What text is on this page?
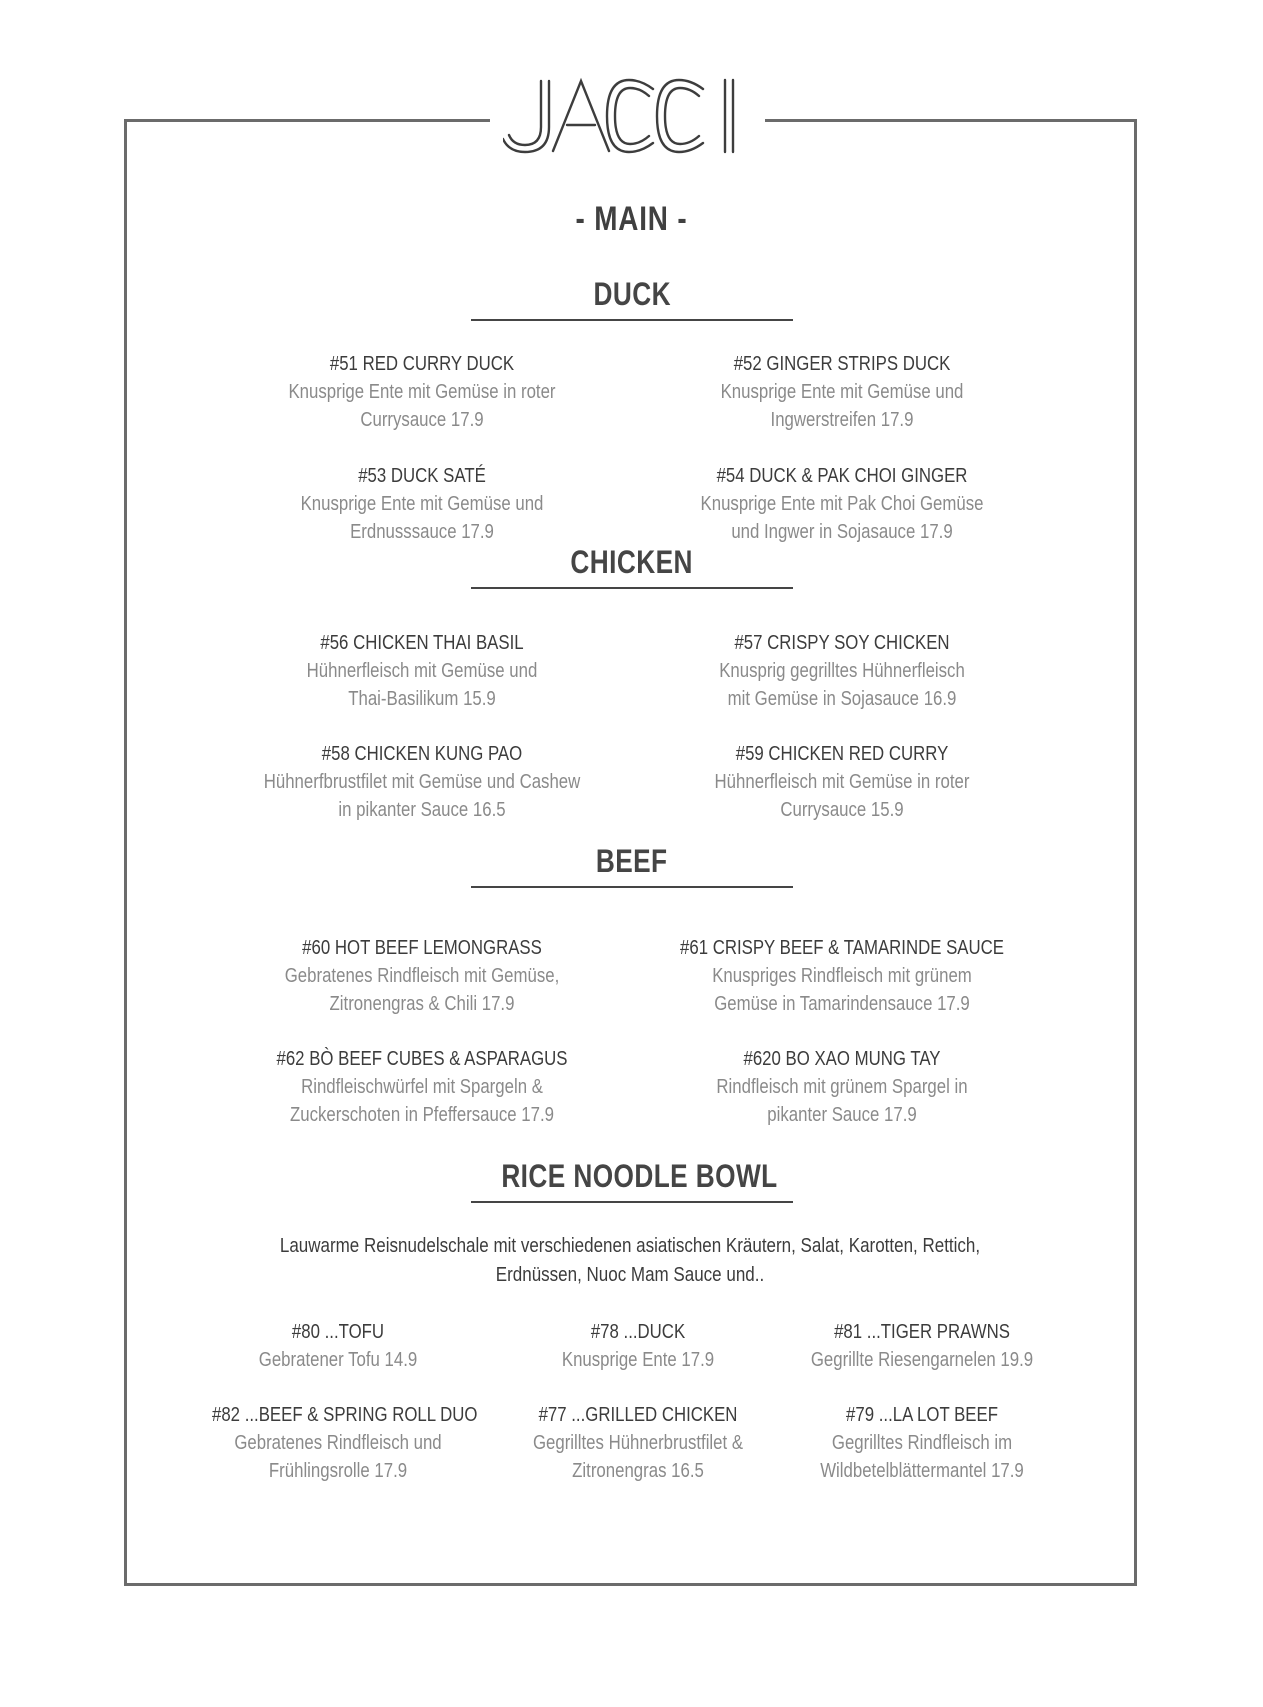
- MAIN -
DUCK
#51 RED CURRY DUCK
Knusprige Ente mit Gemüse in roter
Currysauce 17.9
#52 GINGER STRIPS DUCK
Knusprige Ente mit Gemüse und
Ingwerstreifen 17.9
#53 DUCK SATÉ
Knusprige Ente mit Gemüse und
Erdnusssauce 17.9
#54 DUCK & PAK CHOI GINGER
Knusprige Ente mit Pak Choi Gemüse
und Ingwer in Sojasauce 17.9
CHICKEN
#56 CHICKEN THAI BASIL
Hühnerfleisch mit Gemüse und
Thai-Basilikum 15.9
#57 CRISPY SOY CHICKEN
Knusprig gegrilltes Hühnerfleisch
mit Gemüse in Sojasauce 16.9
#58 CHICKEN KUNG PAO
Hühnerfbrustfilet mit Gemüse und Cashew
in pikanter Sauce 16.5
#59 CHICKEN RED CURRY
Hühnerfleisch mit Gemüse in roter
Currysauce 15.9
BEEF
#60 HOT BEEF LEMONGRASS
Gebratenes Rindfleisch mit Gemüse,
Zitronengras & Chili 17.9
#61 CRISPY BEEF & TAMARINDE SAUCE
Knuspriges Rindfleisch mit grünem
Gemüse in Tamarindensauce 17.9
#62 BÒ BEEF CUBES & ASPARAGUS
Rindfleischwürfel mit Spargeln &
Zuckerschoten in Pfeffersauce 17.9
#620 BO XAO MUNG TAY
Rindfleisch mit grünem Spargel in
pikanter Sauce 17.9
RICE NOODLE BOWL
Lauwarme Reisnudelschale mit verschiedenen asiatischen Kräutern, Salat, Karotten, Rettich,
Erdnüssen, Nuoc Mam Sauce und..
#80 ...TOFU
Gebratener Tofu 14.9
#78 ...DUCK
Knusprige Ente 17.9
#81 ...TIGER PRAWNS
Gegrillte Riesengarnelen 19.9
#82 ...BEEF & SPRING ROLL DUO
Gebratenes Rindfleisch und
Frühlingsrolle 17.9
#77 ...GRILLED CHICKEN
Gegrilltes Hühnerbrustfilet &
Zitronengras 16.5
#79 ...LA LOT BEEF
Gegrilltes Rindfleisch im
Wildbetelblättermantel 17.9
